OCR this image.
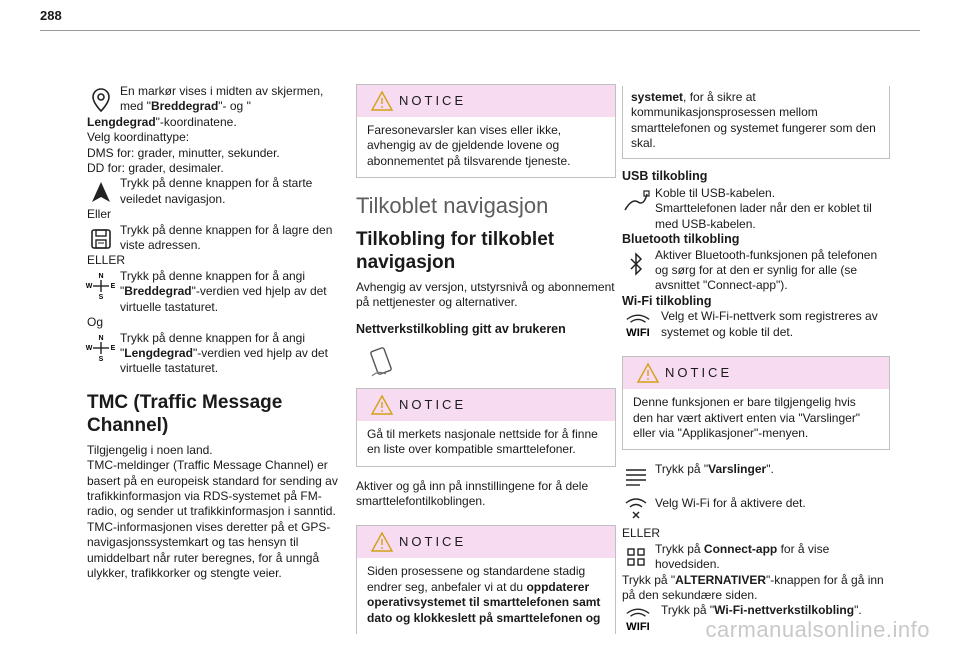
288

En markør vises i midten av skjermen, med "Breddegrad"- og "

Lengdegrad"-koordinatene.

Velg koordinattype:

DMS for: grader, minutter, sekunder.

DD for: grader, desimaler.

Trykk på denne knappen for å starte veiledet navigasjon.

Eller

Trykk på denne knappen for å lagre den viste adressen.

ELLER

N
S
W	E

Trykk på denne knappen for å angi "Breddegrad"-verdien ved hjelp av det virtuelle tastaturet.

Og

N
S
W	E

Trykk på denne knappen for å angi "Lengdegrad"-verdien ved hjelp av det virtuelle tastaturet.

TMC (Traffic Message Channel)

Tilgjengelig i noen land.

TMC-meldinger (Traffic Message Channel) er basert på en europeisk standard for sending av trafikkinformasjon via RDS-systemet på FM-radio, og sender ut trafikkinformasjon i sanntid.

TMC-informasjonen vises deretter på et GPS-navigasjonssystemkart og tas hensyn til umiddelbart når ruter beregnes, for å unngå ulykker, trafikkorker og stengte veier.

NOTICE

Faresonevarsler kan vises eller ikke, avhengig av de gjeldende lovene og abonnementet på tilsvarende tjeneste.

Tilkoblet navigasjon
Tilkobling for tilkoblet navigasjon

Avhengig av versjon, utstyrsnivå og abonnement på nettjenester og alternativer.

Nettverkstilkobling gitt av brukeren
NOTICE

Gå til merkets nasjonale nettside for å finne en liste over kompatible smarttelefoner.

Aktiver og gå inn på innstillingene for å dele smarttelefontilkoblingen.

NOTICE

Siden prosessene og standardene stadig endrer seg, anbefaler vi at du oppdaterer operativsystemet til smarttelefonen samt dato og klokkeslett på smarttelefonen og

systemet, for å sikre at kommunikasjonsprosessen mellom smarttelefonen og systemet fungerer som den skal.

USB tilkobling

Koble til USB-kabelen.

Smarttelefonen lader når den er koblet til med USB-kabelen.

Bluetooth tilkobling

Aktiver Bluetooth-funksjonen på telefonen og sørg for at den er synlig for alle (se avsnittet "Connect-app").

Wi-Fi tilkobling
WIFI

Velg et Wi-Fi-nettverk som registreres av systemet og koble til det.

NOTICE

Denne funksjonen er bare tilgjengelig hvis den har vært aktivert enten via "Varslinger" eller via "Applikasjoner"-menyen.

Trykk på "Varslinger".

Velg Wi-Fi for å aktivere det.

ELLER

Trykk på Connect-app for å vise hovedsiden.

Trykk på "ALTERNATIVER"-knappen for å gå inn på den sekundære siden.

WIFI

Trykk på "Wi-Fi-nettverkstilkobling".

carmanualsonline.info
